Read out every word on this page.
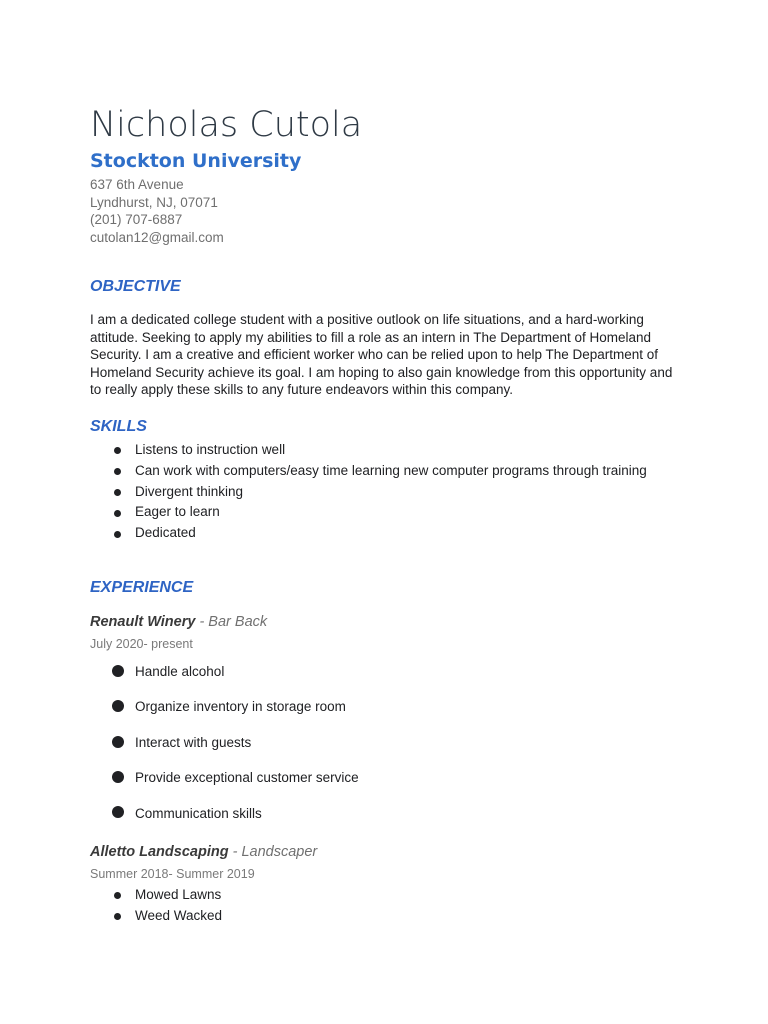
Nicholas Cutola
Stockton University
637 6th Avenue
Lyndhurst, NJ, 07071
(201) 707-6887
cutolan12@gmail.com
OBJECTIVE

I am a dedicated college student with a positive outlook on life situations, and a hard-working attitude. Seeking to apply my abilities to fill a role as an intern in The Department of Homeland Security. I am a creative and efficient worker who can be relied upon to help The Department of Homeland Security achieve its goal. I am hoping to also gain knowledge from this opportunity and to really apply these skills to any future endeavors within this company.

SKILLS
Listens to instruction well
Can work with computers/easy time learning new computer programs through training
Divergent thinking
Eager to learn
Dedicated
EXPERIENCE

Renault Winery - Bar Back

July 2020- present

Handle alcohol
Organize inventory in storage room
Interact with guests
Provide exceptional customer service
Communication skills

Alletto Landscaping - Landscaper

Summer 2018- Summer 2019

Mowed Lawns
Weed Wacked
